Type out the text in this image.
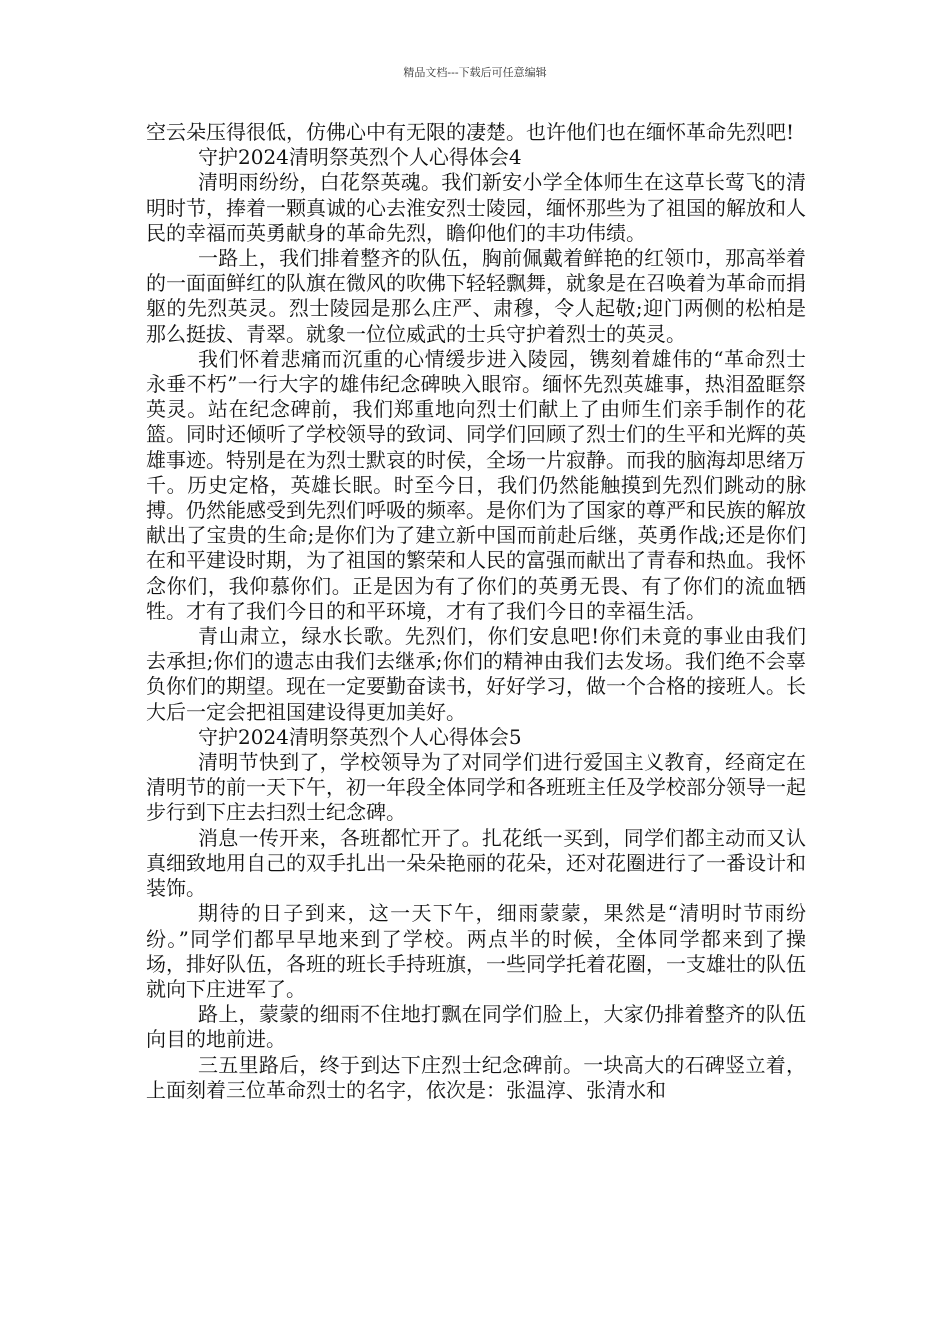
精品文档---下载后可任意编辑

空云朵压得很低，仿佛心中有无限的凄楚。也许他们也在缅怀革命先烈吧!

守护2024清明祭英烈个人心得体会4

清明雨纷纷，白花祭英魂。我们新安小学全体师生在这草长莺飞的清明时节，捧着一颗真诚的心去淮安烈士陵园，缅怀那些为了祖国的解放和人民的幸福而英勇献身的革命先烈，瞻仰他们的丰功伟绩。

一路上，我们排着整齐的队伍，胸前佩戴着鲜艳的红领巾，那高举着的一面面鲜红的队旗在微风的吹佛下轻轻飘舞，就象是在召唤着为革命而捐躯的先烈英灵。烈士陵园是那么庄严、肃穆，令人起敬;迎门两侧的松柏是那么挺拔、青翠。就象一位位威武的士兵守护着烈士的英灵。

我们怀着悲痛而沉重的心情缓步进入陵园，镌刻着雄伟的“革命烈士永垂不朽”一行大字的雄伟纪念碑映入眼帘。缅怀先烈英雄事，热泪盈眶祭英灵。站在纪念碑前，我们郑重地向烈士们献上了由师生们亲手制作的花篮。同时还倾听了学校领导的致词、同学们回顾了烈士们的生平和光辉的英雄事迹。特别是在为烈士默哀的时侯，全场一片寂静。而我的脑海却思绪万千。历史定格，英雄长眠。时至今日，我们仍然能触摸到先烈们跳动的脉搏。仍然能感受到先烈们呼吸的频率。是你们为了国家的尊严和民族的解放献出了宝贵的生命;是你们为了建立新中国而前赴后继，英勇作战;还是你们在和平建设时期，为了祖国的繁荣和人民的富强而献出了青春和热血。我怀念你们，我仰慕你们。正是因为有了你们的英勇无畏、有了你们的流血牺牲。才有了我们今日的和平环境，才有了我们今日的幸福生活。

青山肃立，绿水长歌。先烈们，你们安息吧!你们未竟的事业由我们去承担;你们的遗志由我们去继承;你们的精神由我们去发场。我们绝不会辜负你们的期望。现在一定要勤奋读书，好好学习，做一个合格的接班人。长大后一定会把祖国建设得更加美好。

守护2024清明祭英烈个人心得体会5

清明节快到了，学校领导为了对同学们进行爱国主义教育，经商定在清明节的前一天下午，初一年段全体同学和各班班主任及学校部分领导一起步行到下庄去扫烈士纪念碑。

消息一传开来，各班都忙开了。扎花纸一买到，同学们都主动而又认真细致地用自己的双手扎出一朵朵艳丽的花朵，还对花圈进行了一番设计和装饰。

期待的日子到来，这一天下午，细雨蒙蒙，果然是“清明时节雨纷纷。”同学们都早早地来到了学校。两点半的时候，全体同学都来到了操场，排好队伍，各班的班长手持班旗，一些同学托着花圈，一支雄壮的队伍就向下庄进军了。

路上，蒙蒙的细雨不住地打飘在同学们脸上，大家仍排着整齐的队伍向目的地前进。

三五里路后，终于到达下庄烈士纪念碑前。一块高大的石碑竖立着，上面刻着三位革命烈士的名字，依次是：张温淳、张清水和
